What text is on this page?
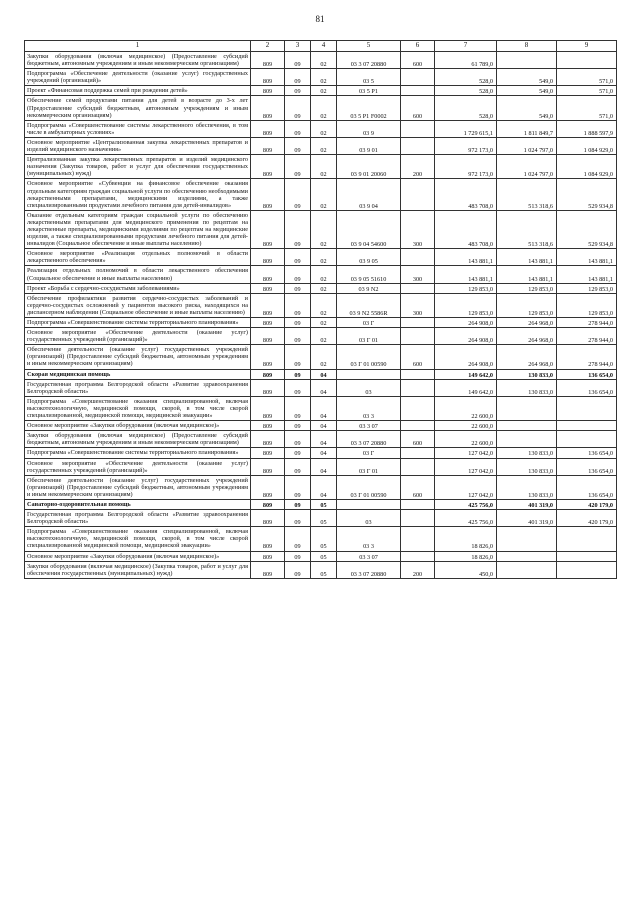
81
1	2	3	4	5	6	7	8	9
Закупки оборудования (включая медицинское) (Предоставление субсидий бюджетным, автономным учреждениям и иным некоммерческим организациям)	809	09	02	03 3 07 20880	600	61 789,0		
Подпрограмма «Обеспечение деятельности (оказание услуг) государственных учреждений (организаций)»	809	09	02	03 5		528,0	549,0	571,0
Проект «Финансовая поддержка семей при рождении детей»	809	09	02	03 5 P1		528,0	549,0	571,0
Обеспечение семей продуктами питания для детей в возрасте до 3-х лет (Предоставление субсидий бюджетным, автономным учреждениям и иным некоммерческим организациям)	809	09	02	03 5 P1 F0002	600	528,0	549,0	571,0
Подпрограмма «Совершенствование системы лекарственного обеспечения, в том числе в амбулаторных условиях»	809	09	02	03 9		1 729 615,1	1 811 849,7	1 888 597,9
Основное мероприятие «Централизованная закупка лекарственных препаратов и изделий медицинского назначения»	809	09	02	03 9 01		972 173,0	1 024 797,0	1 084 929,0
Централизованная закупка лекарственных препаратов и изделий медицинского назначения (Закупка товаров, работ и услуг для обеспечения государственных (муниципальных) нужд)	809	09	02	03 9 01 20060	200	972 173,0	1 024 797,0	1 084 929,0
Основное мероприятие «Субвенции на финансовое обеспечение оказания отдельным категориям граждан социальной услуги по обеспечению необходимыми лекарственными препаратами, медицинскими изделиями, а также специализированными продуктами лечебного питания для детей-инвалидов»	809	09	02	03 9 04		483 708,0	513 318,6	529 934,8
Оказание отдельным категориям граждан социальной услуги по обеспечению лекарственными препаратами для медицинского применения по рецептам на лекарственные препараты, медицинскими изделиями по рецептам на медицинские изделия, а также специализированными продуктами лечебного питания для детей-инвалидов (Социальное обеспечение и иные выплаты населению)	809	09	02	03 9 04 54600	300	483 708,0	513 318,6	529 934,8
Основное мероприятие «Реализация отдельных полномочий в области лекарственного обеспечения»	809	09	02	03 9 05		143 881,1	143 881,1	143 881,1
Реализация отдельных полномочий в области лекарственного обеспечения (Социальное обеспечение и иные выплаты населению)	809	09	02	03 9 05 51610	300	143 881,1	143 881,1	143 881,1
Проект «Борьба с сердечно-сосудистыми заболеваниями»	809	09	02	03 9 N2		129 853,0	129 853,0	129 853,0
Обеспечение профилактики развития сердечно-сосудистых заболеваний и сердечно-сосудистых осложнений у пациентов высокого риска, находящихся на диспансерном наблюдении (Социальное обеспечение и иные выплаты населению)	809	09	02	03 9 N2 5586R	300	129 853,0	129 853,0	129 853,0
Подпрограмма «Совершенствование системы территориального планирования»	809	09	02	03 Г		264 908,0	264 968,0	278 944,0
Основное мероприятие «Обеспечение деятельности (оказание услуг) государственных учреждений (организаций)»	809	09	02	03 Г 01		264 908,0	264 968,0	278 944,0
Обеспечение деятельности (оказание услуг) государственных учреждений (организаций) (Предоставление субсидий бюджетным, автономным учреждениям и иным некоммерческим организациям)	809	09	02	03 Г 01 00590	600	264 908,0	264 968,0	278 944,0
Скорая медицинская помощь	809	09	04			149 642,0	130 833,0	136 654,0
Государственная программа Белгородской области «Развитие здравоохранения Белгородской области»	809	09	04	03		149 642,0	130 833,0	136 654,0
Подпрограмма «Совершенствование оказания специализированной, включая высокотехнологичную, медицинской помощи, скорой, в том числе скорой специализированной, медицинской помощи, медицинской эвакуации»	809	09	04	03 3		22 600,0		
Основное мероприятие «Закупки оборудования (включая медицинское)»	809	09	04	03 3 07		22 600,0		
Закупки оборудования (включая медицинское) (Предоставление субсидий бюджетным, автономным учреждениям и иным некоммерческим организациям)	809	09	04	03 3 07 20880	600	22 600,0		
Подпрограмма «Совершенствование системы территориального планирования»	809	09	04	03 Г		127 042,0	130 833,0	136 654,0
Основное мероприятие «Обеспечение деятельности (оказание услуг) государственных учреждений (организаций)»	809	09	04	03 Г 01		127 042,0	130 833,0	136 654,0
Обеспечение деятельности (оказание услуг) государственных учреждений (организаций) (Предоставление субсидий бюджетным, автономным учреждениям и иным некоммерческим организациям)	809	09	04	03 Г 01 00590	600	127 042,0	130 833,0	136 654,0
Санаторно-оздоровительная помощь	809	09	05			425 756,0	401 319,0	420 179,0
Государственная программа Белгородской области «Развитие здравоохранения Белгородской области»	809	09	05	03		425 756,0	401 319,0	420 179,0
Подпрограмма «Совершенствование оказания специализированной, включая высокотехнологичную, медицинской помощи, скорой, в том числе скорой специализированной медицинской помощи, медицинской эвакуации»	809	09	05	03 3		18 826,0		
Основное мероприятие «Закупки оборудования (включая медицинское)»	809	09	05	03 3 07		18 826,0		
Закупки оборудования (включая медицинское) (Закупка товаров, работ и услуг для обеспечения государственных (муниципальных) нужд)	809	09	05	03 3 07 20880	200	450,0		
